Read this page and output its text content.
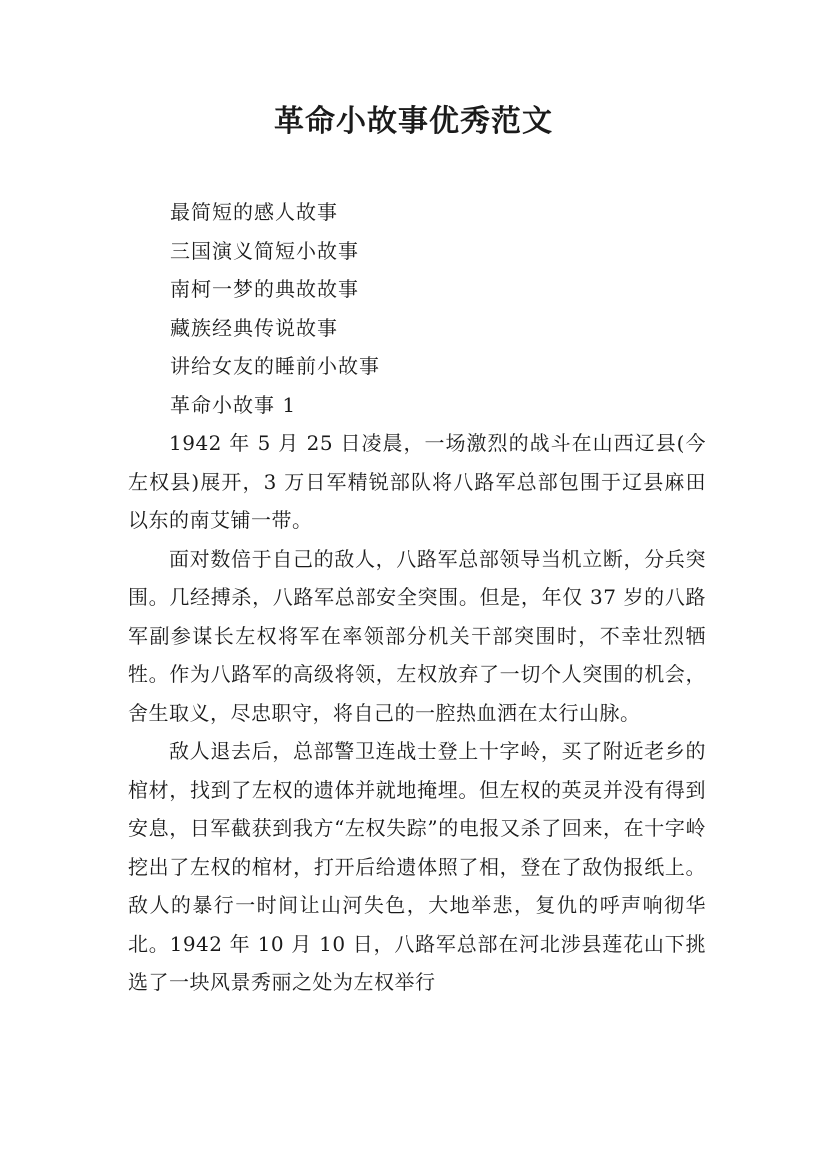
革命小故事优秀范文
最简短的感人故事
三国演义简短小故事
南柯一梦的典故故事
藏族经典传说故事
讲给女友的睡前小故事
革命小故事 1

1942 年 5 月 25 日凌晨，一场激烈的战斗在山西辽县(今左权县)展开，3 万日军精锐部队将八路军总部包围于辽县麻田以东的南艾铺一带。

面对数倍于自己的敌人，八路军总部领导当机立断，分兵突围。几经搏杀，八路军总部安全突围。但是，年仅 37 岁的八路军副参谋长左权将军在率领部分机关干部突围时，不幸壮烈牺牲。作为八路军的高级将领，左权放弃了一切个人突围的机会，舍生取义，尽忠职守，将自己的一腔热血洒在太行山脉。

敌人退去后，总部警卫连战士登上十字岭，买了附近老乡的棺材，找到了左权的遗体并就地掩埋。但左权的英灵并没有得到安息，日军截获到我方“左权失踪”的电报又杀了回来，在十字岭挖出了左权的棺材，打开后给遗体照了相，登在了敌伪报纸上。敌人的暴行一时间让山河失色，大地举悲，复仇的呼声响彻华北。1942 年 10 月 10 日，八路军总部在河北涉县莲花山下挑选了一块风景秀丽之处为左权举行
